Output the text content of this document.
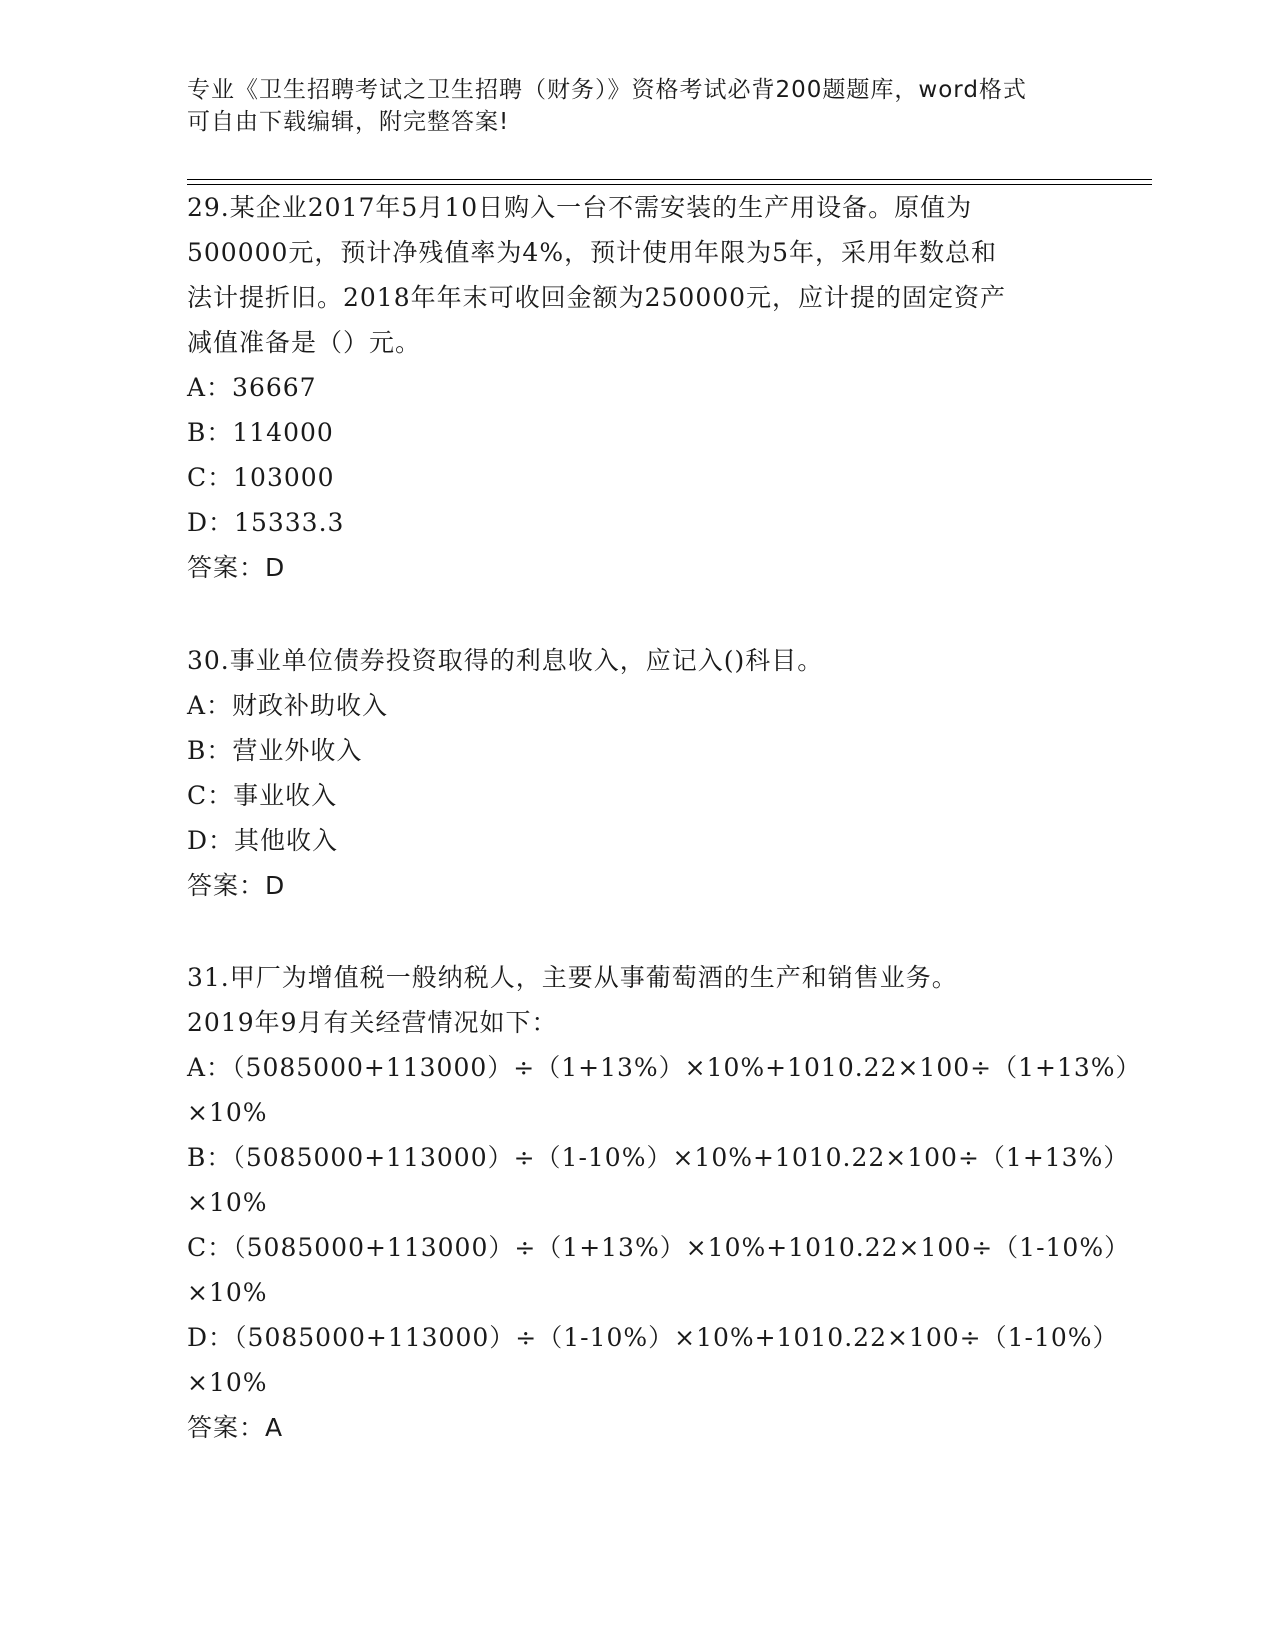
专业《卫生招聘考试之卫生招聘（财务）》资格考试必背200题题库，word格式
可自由下载编辑，附完整答案!
29.某企业2017年5月10日购入一台不需安装的生产用设备。原值为
500000元，预计净残值率为4%，预计使用年限为5年，采用年数总和
法计提折旧。2018年年末可收回金额为250000元，应计提的固定资产
减值准备是（）元。
A：36667
B：114000
C：103000
D：15333.3
答案：D
30.事业单位债券投资取得的利息收入，应记入()科目。
A：财政补助收入
B：营业外收入
C：事业收入
D：其他收入
答案：D
31.甲厂为增值税一般纳税人，主要从事葡萄酒的生产和销售业务。
2019年9月有关经营情况如下：
A：（5085000+113000）÷（1+13%）×10%+1010.22×100÷（1+13%）
×10%
B：（5085000+113000）÷（1-10%）×10%+1010.22×100÷（1+13%）
×10%
C：（5085000+113000）÷（1+13%）×10%+1010.22×100÷（1-10%）
×10%
D：（5085000+113000）÷（1-10%）×10%+1010.22×100÷（1-10%）
×10%
答案：A
